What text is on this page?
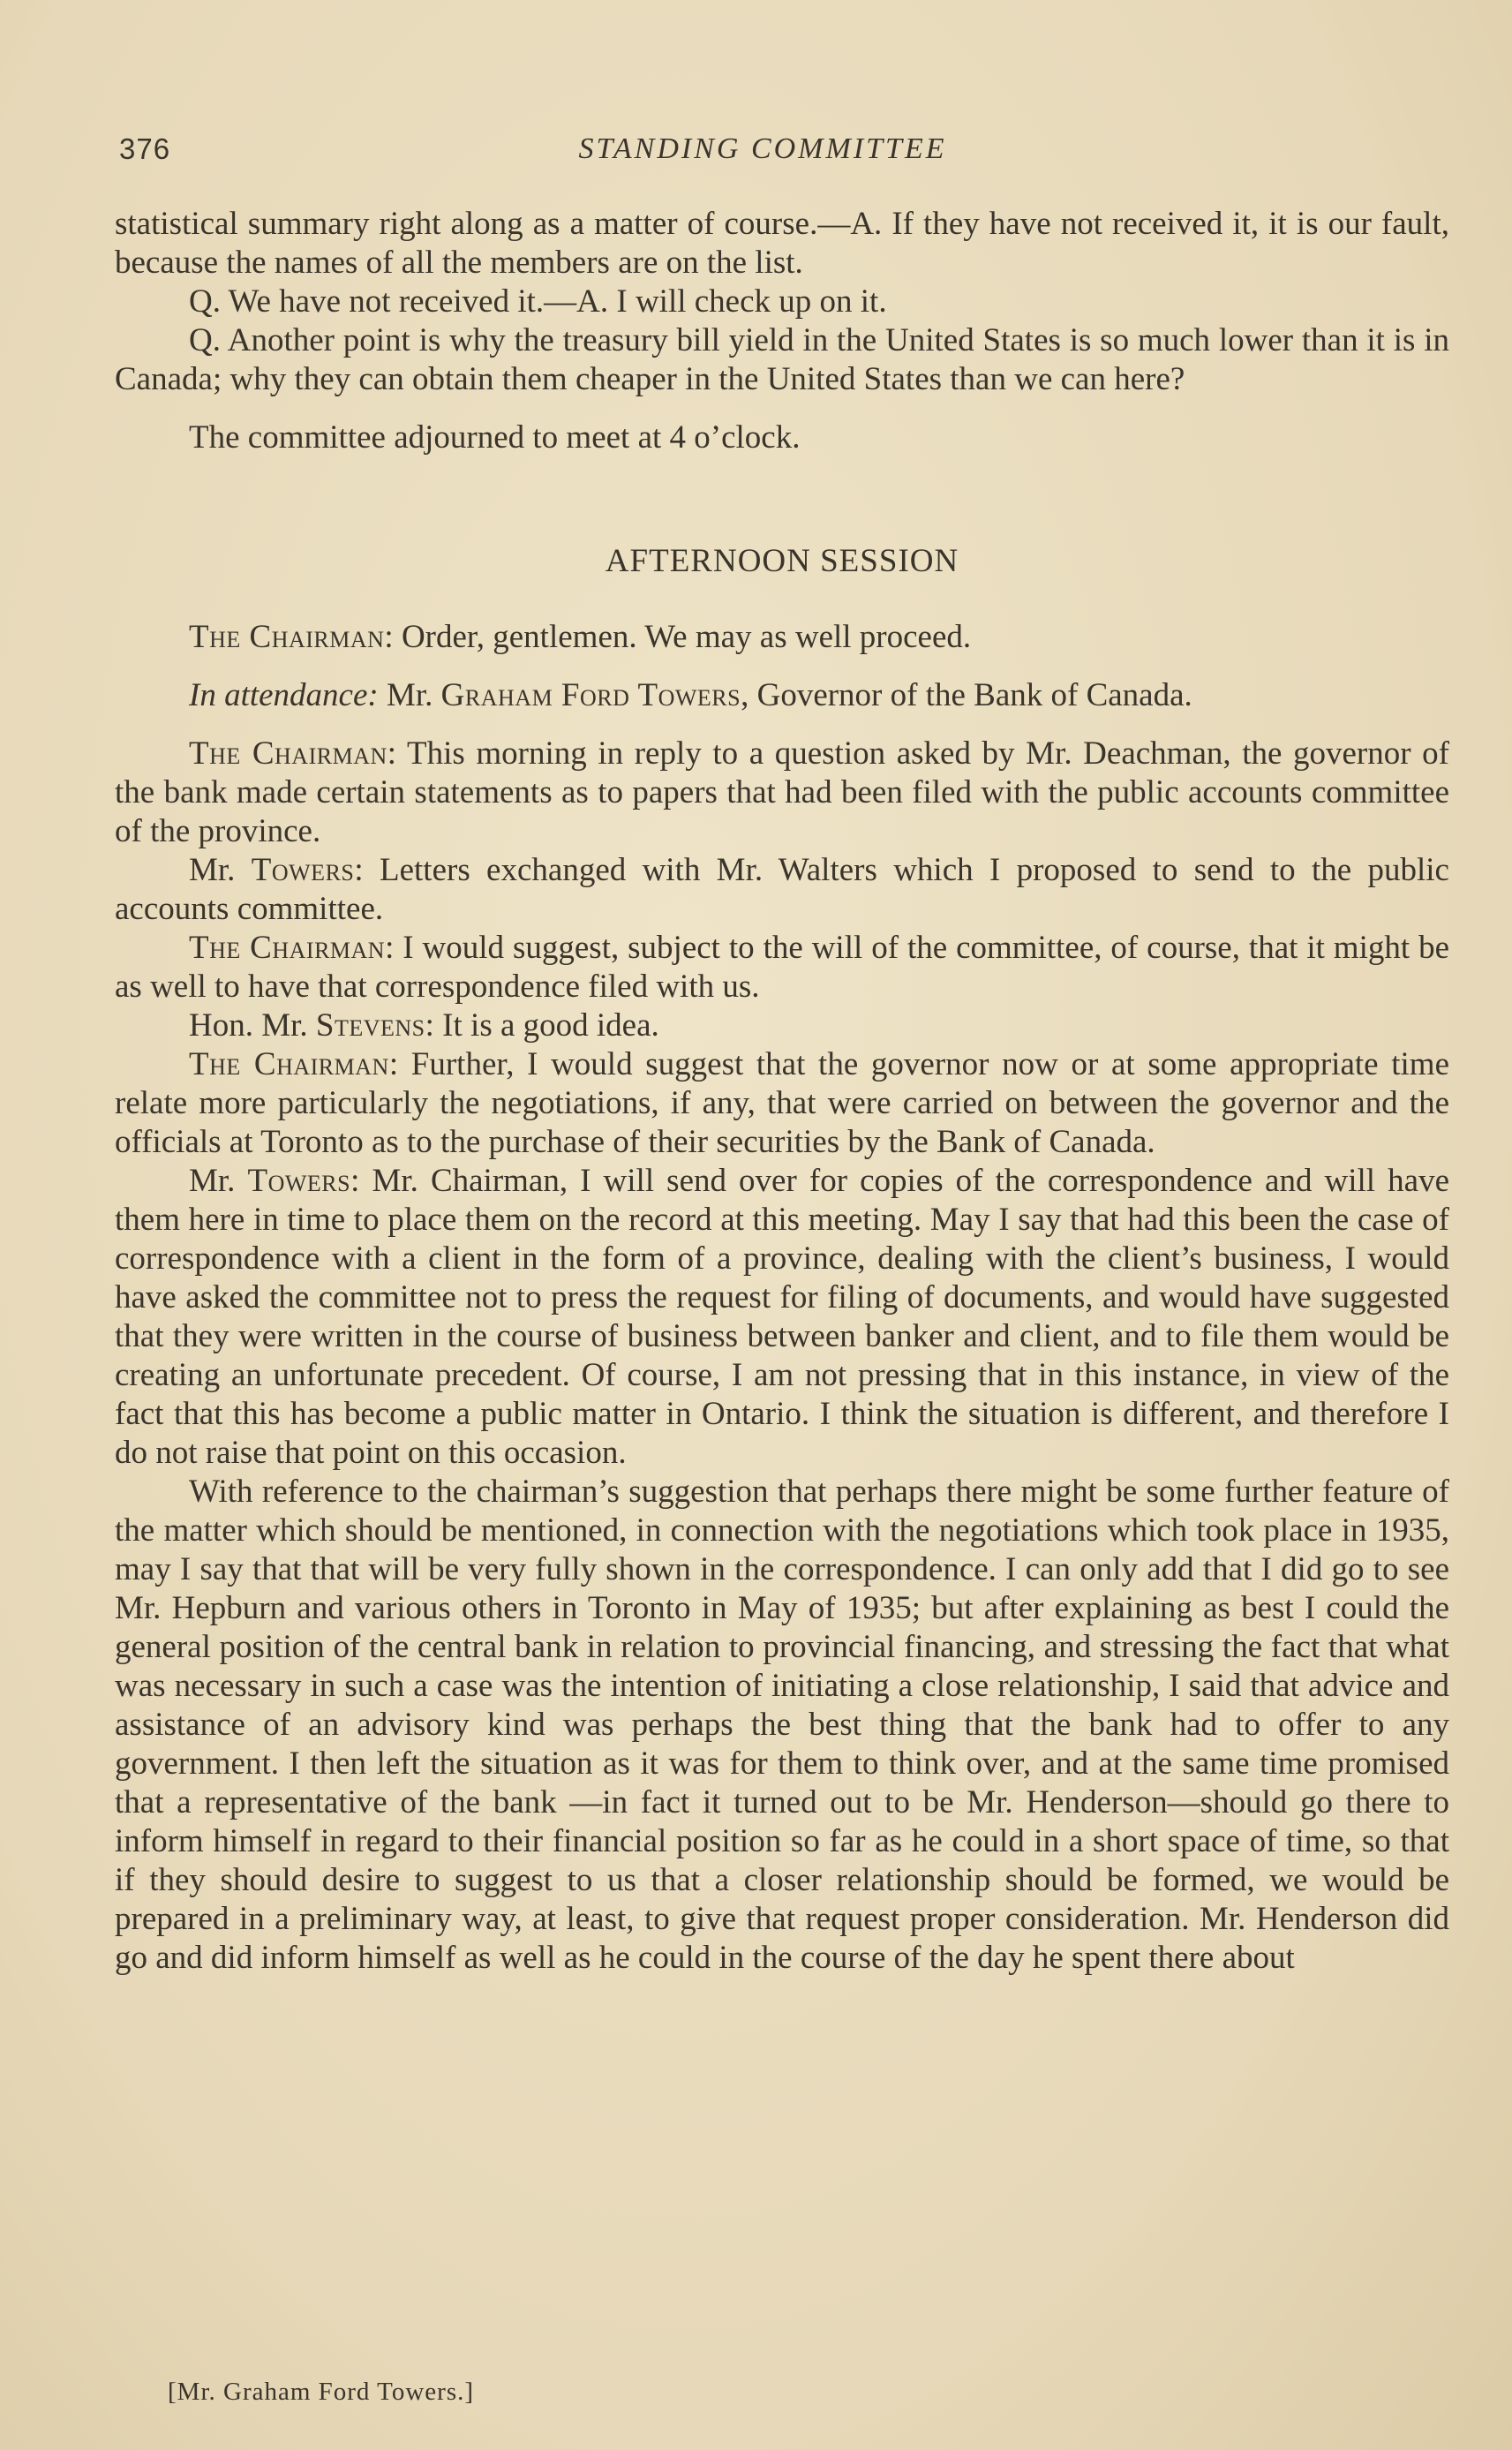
376	STANDING COMMITTEE

statistical summary right along as a matter of course.—A. If they have not received it, it is our fault, because the names of all the members are on the list.

Q. We have not received it.—A. I will check up on it.

Q. Another point is why the treasury bill yield in the United States is so much lower than it is in Canada; why they can obtain them cheaper in the United States than we can here?

The committee adjourned to meet at 4 o’clock.

AFTERNOON SESSION

The Chairman: Order, gentlemen. We may as well proceed.

In attendance: Mr. Graham Ford Towers, Governor of the Bank of Canada.

The Chairman: This morning in reply to a question asked by Mr. Deachman, the governor of the bank made certain statements as to papers that had been filed with the public accounts committee of the province.

Mr. Towers: Letters exchanged with Mr. Walters which I proposed to send to the public accounts committee.

The Chairman: I would suggest, subject to the will of the committee, of course, that it might be as well to have that correspondence filed with us.

Hon. Mr. Stevens: It is a good idea.

The Chairman: Further, I would suggest that the governor now or at some appropriate time relate more particularly the negotiations, if any, that were carried on between the governor and the officials at Toronto as to the purchase of their securities by the Bank of Canada.

Mr. Towers: Mr. Chairman, I will send over for copies of the correspondence and will have them here in time to place them on the record at this meeting. May I say that had this been the case of correspondence with a client in the form of a province, dealing with the client’s business, I would have asked the committee not to press the request for filing of documents, and would have suggested that they were written in the course of business between banker and client, and to file them would be creating an unfortunate precedent. Of course, I am not pressing that in this instance, in view of the fact that this has become a public matter in Ontario. I think the situation is different, and therefore I do not raise that point on this occasion.

With reference to the chairman’s suggestion that perhaps there might be some further feature of the matter which should be mentioned, in connection with the negotiations which took place in 1935, may I say that that will be very fully shown in the correspondence. I can only add that I did go to see Mr. Hepburn and various others in Toronto in May of 1935; but after explaining as best I could the general position of the central bank in relation to provincial financing, and stressing the fact that what was necessary in such a case was the intention of initiating a close relationship, I said that advice and assistance of an advisory kind was perhaps the best thing that the bank had to offer to any government. I then left the situation as it was for them to think over, and at the same time promised that a representative of the bank —in fact it turned out to be Mr. Henderson—should go there to inform himself in regard to their financial position so far as he could in a short space of time, so that if they should desire to suggest to us that a closer relationship should be formed, we would be prepared in a preliminary way, at least, to give that request proper consideration. Mr. Henderson did go and did inform himself as well as he could in the course of the day he spent there about

[Mr. Graham Ford Towers.]
